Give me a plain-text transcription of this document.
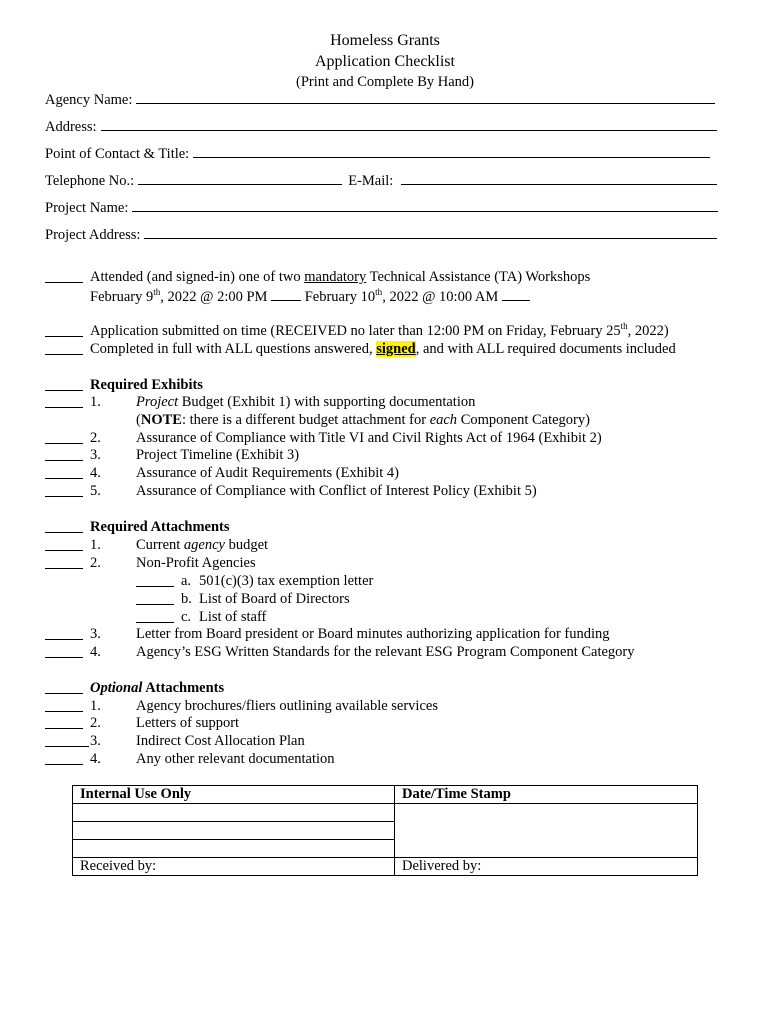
Homeless Grants
Application Checklist
(Print and Complete By Hand)
Agency Name:
Address:
Point of Contact & Title:
Telephone No.:	E-Mail:
Project Name:
Project Address:
Attended (and signed-in) one of two mandatory Technical Assistance (TA) Workshops
February 9th, 2022 @ 2:00 PM	February 10th, 2022 @ 10:00 AM
Application submitted on time (RECEIVED no later than 12:00 PM on Friday, February 25th, 2022)
Completed in full with ALL questions answered, signed, and with ALL required documents included
Required Exhibits
1. Project Budget (Exhibit 1) with supporting documentation
(NOTE: there is a different budget attachment for each Component Category)
2. Assurance of Compliance with Title VI and Civil Rights Act of 1964 (Exhibit 2)
3. Project Timeline (Exhibit 3)
4. Assurance of Audit Requirements (Exhibit 4)
5. Assurance of Compliance with Conflict of Interest Policy (Exhibit 5)
Required Attachments
1. Current agency budget
2. Non-Profit Agencies
a. 501(c)(3) tax exemption letter
b. List of Board of Directors
c. List of staff
3. Letter from Board president or Board minutes authorizing application for funding
4. Agency’s ESG Written Standards for the relevant ESG Program Component Category
Optional Attachments
1. Agency brochures/fliers outlining available services
2. Letters of support
3. Indirect Cost Allocation Plan
4. Any other relevant documentation
Internal Use Only	Date/Time Stamp

Received by:	Delivered by:
